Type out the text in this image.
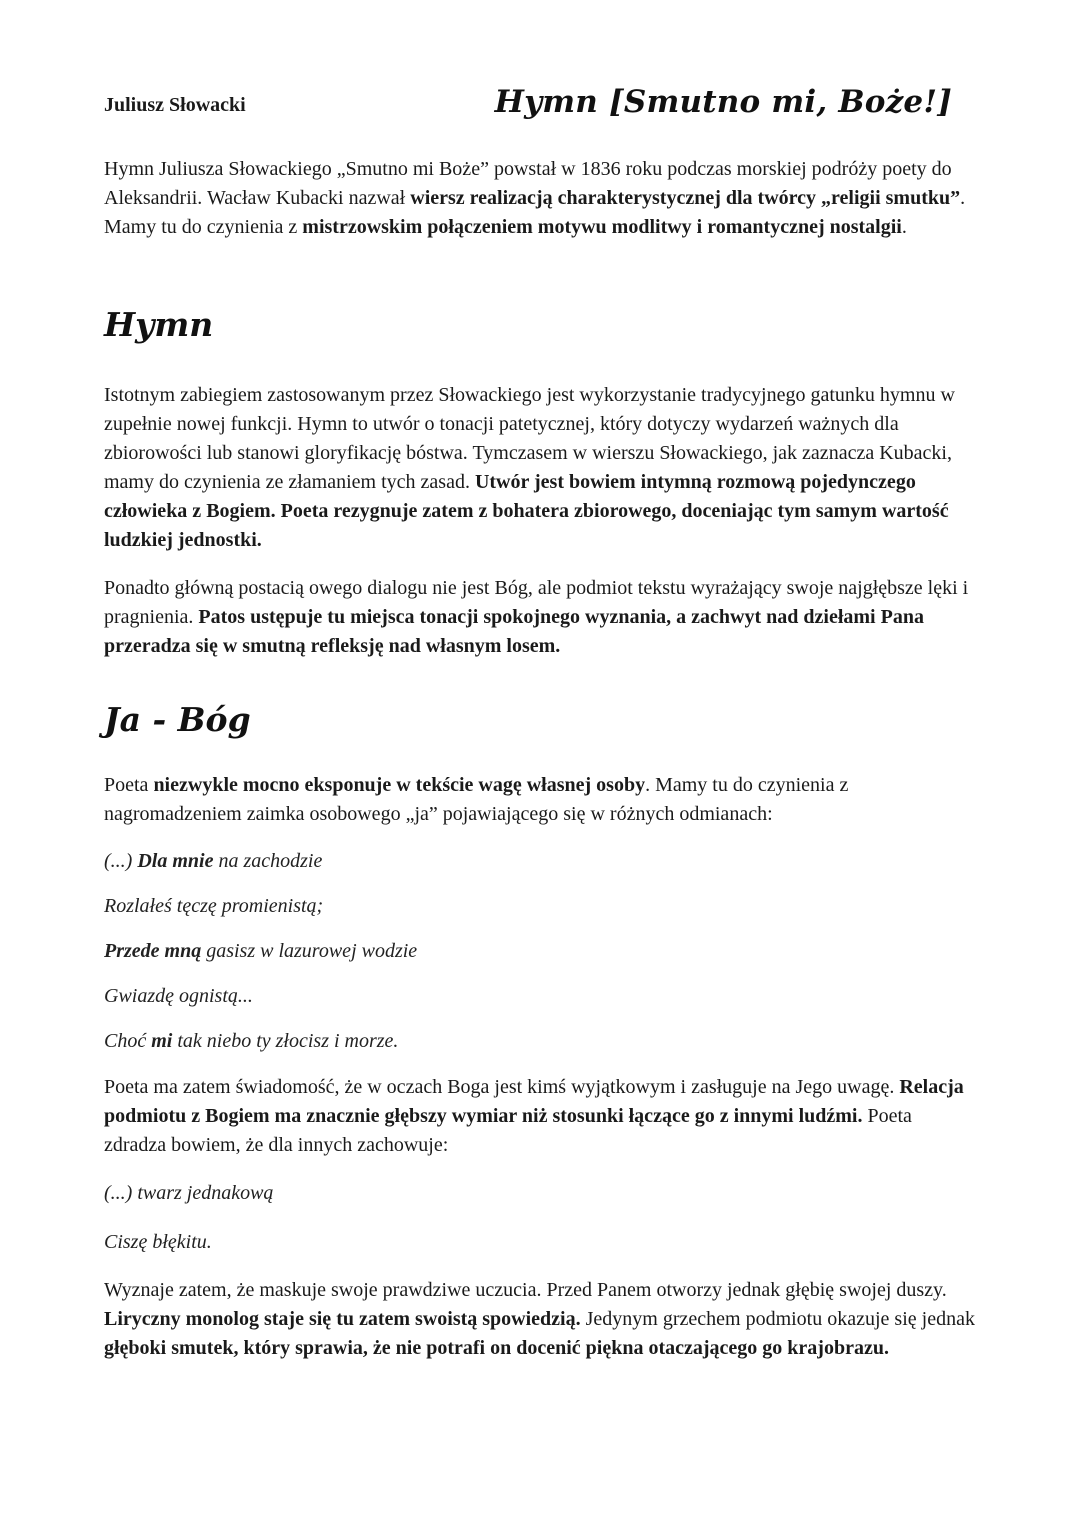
Juliusz Słowacki	Hymn [Smutno mi, Boże!]

Hymn Juliusza Słowackiego „Smutno mi Boże” powstał w 1836 roku podczas morskiej podróży poety do Aleksandrii. Wacław Kubacki nazwał wiersz realizacją charakterystycznej dla twórcy „religii smutku”. Mamy tu do czynienia z mistrzowskim połączeniem motywu modlitwy i romantycznej nostalgii.

Hymn

Istotnym zabiegiem zastosowanym przez Słowackiego jest wykorzystanie tradycyjnego gatunku hymnu w zupełnie nowej funkcji. Hymn to utwór o tonacji patetycznej, który dotyczy wydarzeń ważnych dla zbiorowości lub stanowi gloryfikację bóstwa. Tymczasem w wierszu Słowackiego, jak zaznacza Kubacki, mamy do czynienia ze złamaniem tych zasad. Utwór jest bowiem intymną rozmową pojedynczego człowieka z Bogiem. Poeta rezygnuje zatem z bohatera zbiorowego, doceniając tym samym wartość ludzkiej jednostki.

Ponadto główną postacią owego dialogu nie jest Bóg, ale podmiot tekstu wyrażający swoje najgłębsze lęki i pragnienia. Patos ustępuje tu miejsca tonacji spokojnego wyznania, a zachwyt nad dziełami Pana przeradza się w smutną refleksję nad własnym losem.

Ja - Bóg

Poeta niezwykle mocno eksponuje w tekście wagę własnej osoby. Mamy tu do czynienia z nagromadzeniem zaimka osobowego „ja” pojawiającego się w różnych odmianach:

(...) Dla mnie na zachodzie
Rozlałeś tęczę promienistą;
Przede mną gasisz w lazurowej wodzie
Gwiazdę ognistą...
Choć mi tak niebo ty złocisz i morze.

Poeta ma zatem świadomość, że w oczach Boga jest kimś wyjątkowym i zasługuje na Jego uwagę. Relacja podmiotu z Bogiem ma znacznie głębszy wymiar niż stosunki łączące go z innymi ludźmi. Poeta zdradza bowiem, że dla innych zachowuje:

(...) twarz jednakową
Ciszę błękitu.

Wyznaje zatem, że maskuje swoje prawdziwe uczucia. Przed Panem otworzy jednak głębię swojej duszy. Liryczny monolog staje się tu zatem swoistą spowiedzią. Jedynym grzechem podmiotu okazuje się jednak głęboki smutek, który sprawia, że nie potrafi on docenić piękna otaczającego go krajobrazu.
